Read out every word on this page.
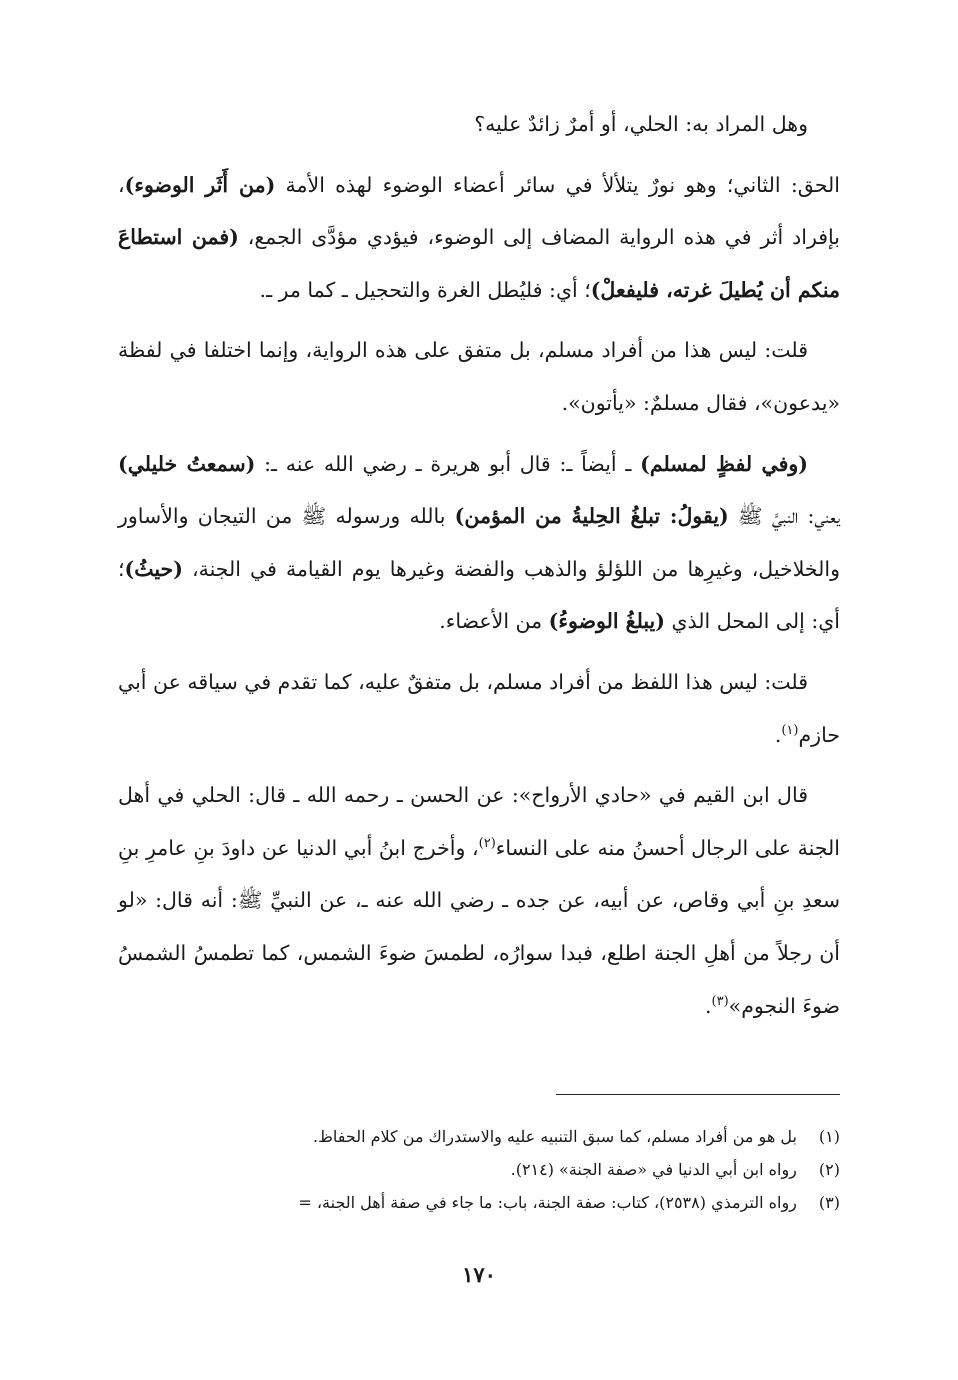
وهل المراد به: الحلي، أو أمرٌ زائدٌ عليه؟

الحق: الثاني؛ وهو نورٌ يتلألأ في سائر أعضاء الوضوء لهذه الأمة (من أَثَر الوضوء)، بإفراد أثر في هذه الرواية المضاف إلى الوضوء، فيؤدي مؤدَّى الجمع، (فمن استطاعَ منكم أن يُطيلَ غرته، فليفعلْ)؛ أي: فليُطل الغرة والتحجيل ـ كما مر ـ.

قلت: ليس هذا من أفراد مسلم، بل متفق على هذه الرواية، وإنما اختلفا في لفظة «يدعون»، فقال مسلمٌ: «يأتون».

(وفي لفظٍ لمسلم) ـ أيضاً ـ: قال أبو هريرة ـ رضي الله عنه ـ: (سمعتُ خليلي) يعني: النبيَّ ﷺ (يقولُ: تبلغُ الحِليةُ من المؤمن) بالله ورسوله ﷺ من التيجان والأساور والخلاخيل، وغيرِها من اللؤلؤ والذهب والفضة وغيرها يوم القيامة في الجنة، (حيثُ)؛ أي: إلى المحل الذي (يبلغُ الوضوءُ) من الأعضاء.

قلت: ليس هذا اللفظ من أفراد مسلم، بل متفقٌ عليه، كما تقدم في سياقه عن أبي حازم$^{(١)}$.

قال ابن القيم في «حادي الأرواح»: عن الحسن ـ رحمه الله ـ قال: الحلي في أهل الجنة على الرجال أحسنُ منه على النساء$^{(٢)}$، وأخرج ابنُ أبي الدنيا عن داودَ بنِ عامرِ بنِ سعدِ بنِ أبي وقاص، عن أبيه، عن جده ـ رضي الله عنه ـ، عن النبيِّ ﷺ: أنه قال: «لو أن رجلاً من أهلِ الجنة اطلع، فبدا سوارُه، لطمسَ ضوءَ الشمس، كما تطمسُ الشمسُ ضوءَ النجوم»$^{(٣)}$.

(١) بل هو من أفراد مسلم، كما سبق التنبيه عليه والاستدراك من كلام الحفاظ.

(٢) رواه ابن أبي الدنيا في «صفة الجنة» (٢١٤).

(٣) رواه الترمذي (٢٥٣٨)، كتاب: صفة الجنة، باب: ما جاء في صفة أهل الجنة، =

١٧٠
